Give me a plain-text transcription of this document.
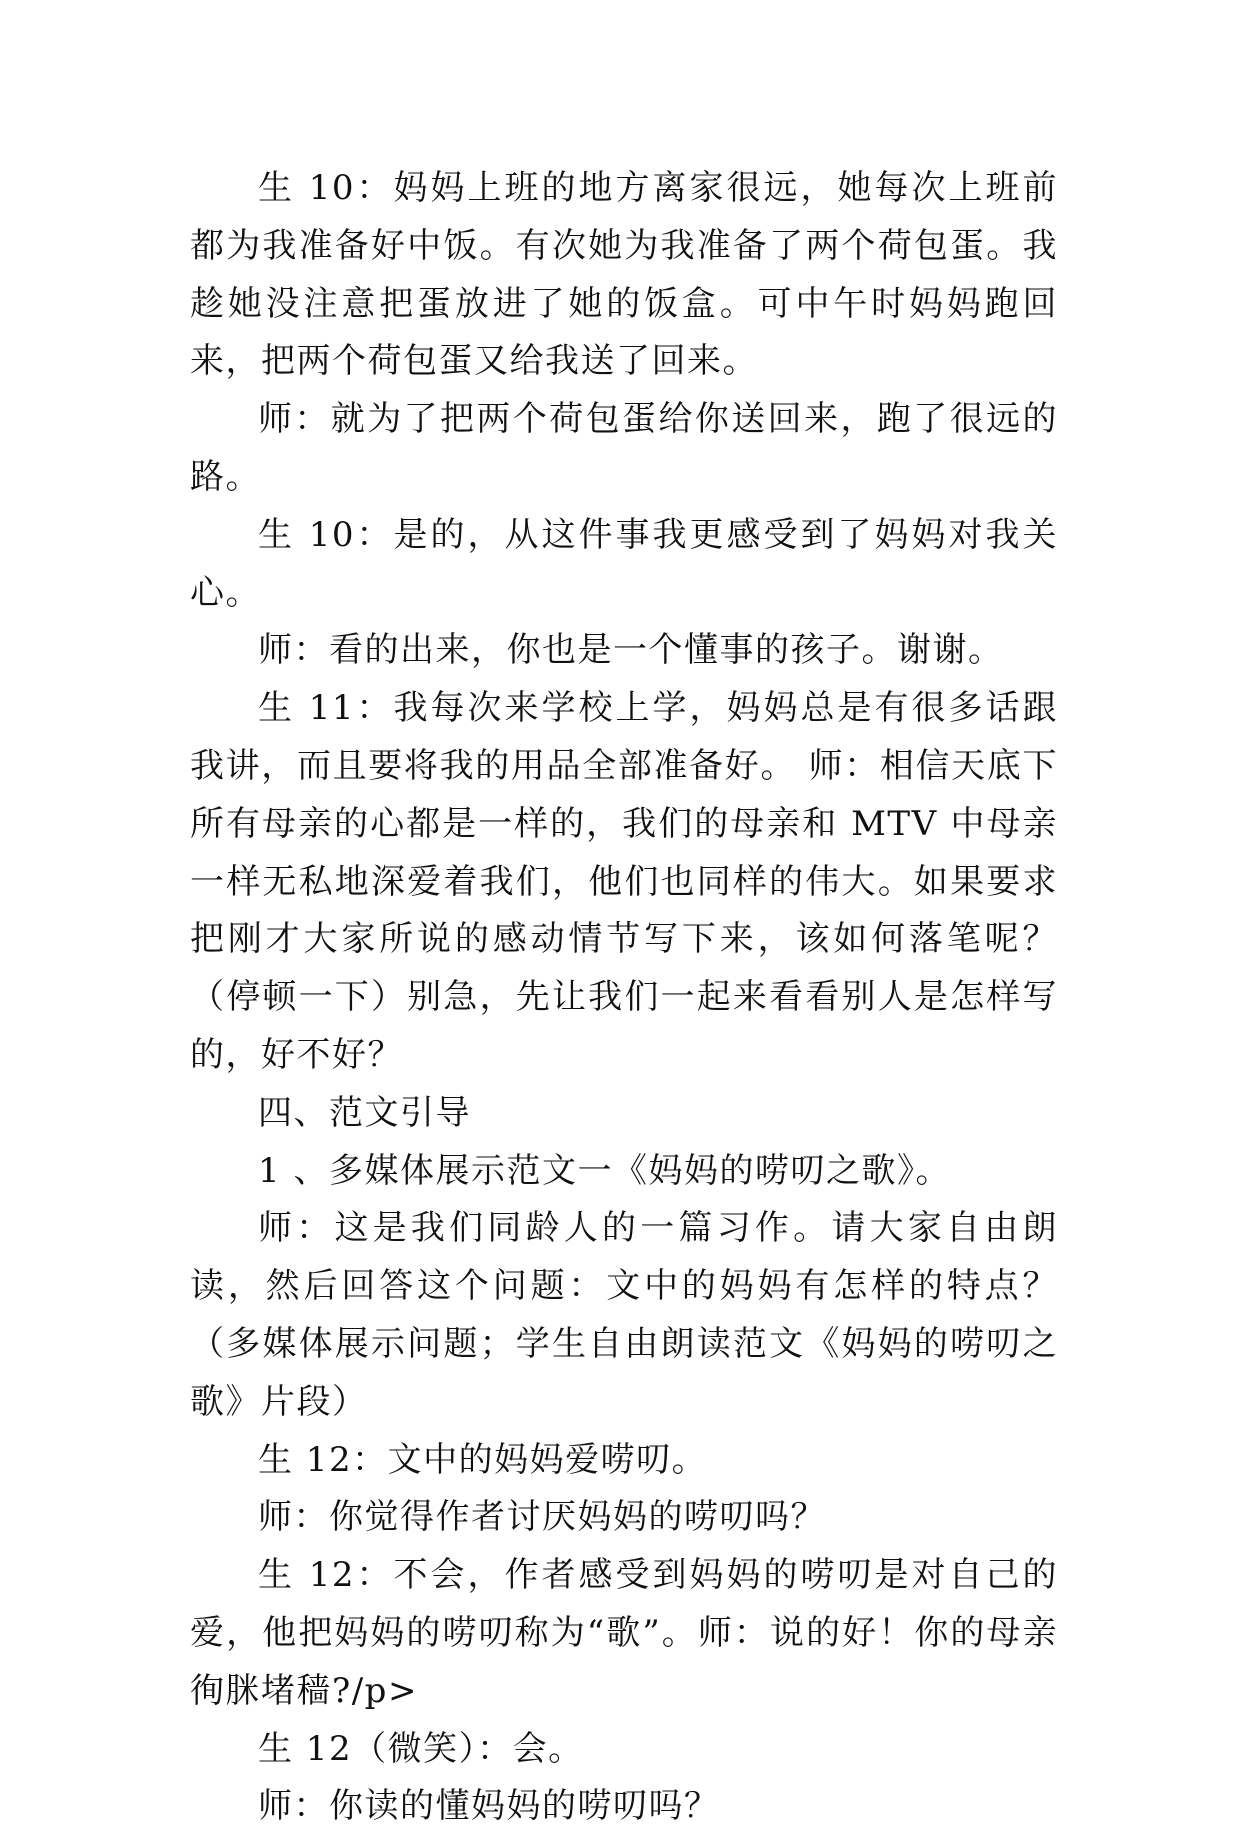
生 10：妈妈上班的地方离家很远，她每次上班前都为我准备好中饭。有次她为我准备了两个荷包蛋。我趁她没注意把蛋放进了她的饭盒。可中午时妈妈跑回来，把两个荷包蛋又给我送了回来。

师：就为了把两个荷包蛋给你送回来，跑了很远的路。

生 10：是的，从这件事我更感受到了妈妈对我关心。

师：看的出来，你也是一个懂事的孩子。谢谢。

生 11：我每次来学校上学，妈妈总是有很多话跟我讲，而且要将我的用品全部准备好。 师：相信天底下所有母亲的心都是一样的，我们的母亲和 MTV 中母亲一样无私地深爱着我们，他们也同样的伟大。如果要求把刚才大家所说的感动情节写下来，该如何落笔呢？（停顿一下）别急，先让我们一起来看看别人是怎样写的，好不好？

四、范文引导

1 、多媒体展示范文一《妈妈的唠叨之歌》。

师：这是我们同龄人的一篇习作。请大家自由朗读，然后回答这个问题：文中的妈妈有怎样的特点？（多媒体展示问题；学生自由朗读范文《妈妈的唠叨之歌》片段）

生 12：文中的妈妈爱唠叨。

师：你觉得作者讨厌妈妈的唠叨吗？

生 12：不会，作者感受到妈妈的唠叨是对自己的爱，他把妈妈的唠叨称为“歌”。师：说的好！你的母亲徇脒堵穑?/p>

生 12（微笑）：会。

师：你读的懂妈妈的唠叨吗？
